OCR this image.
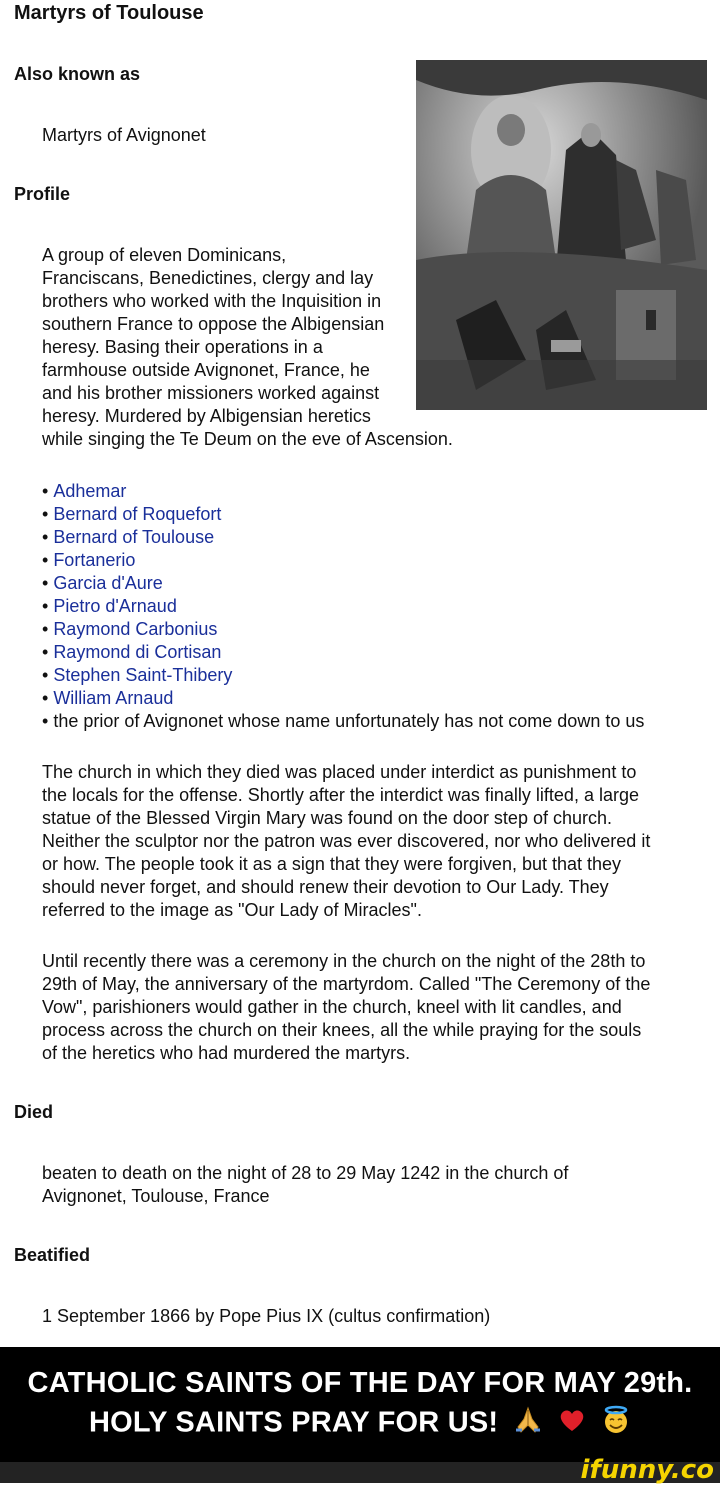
Martyrs of Toulouse
Also known as
Martyrs of Avignonet
Profile
A group of eleven Dominicans,
Franciscans, Benedictines, clergy and lay
brothers who worked with the Inquisition in
southern France to oppose the Albigensian
heresy. Basing their operations in a
farmhouse outside Avignonet, France, he
and his brother missioners worked against
heresy. Murdered by Albigensian heretics
while singing the Te Deum on the eve of Ascension.
• Adhemar
• Bernard of Roquefort
• Bernard of Toulouse
• Fortanerio
• Garcia d'Aure
• Pietro d'Arnaud
• Raymond Carbonius
• Raymond di Cortisan
• Stephen Saint-Thibery
• William Arnaud
• the prior of Avignonet whose name unfortunately has not come down to us
The church in which they died was placed under interdict as punishment to
the locals for the offense. Shortly after the interdict was finally lifted, a large
statue of the Blessed Virgin Mary was found on the door step of church.
Neither the sculptor nor the patron was ever discovered, nor who delivered it
or how. The people took it as a sign that they were forgiven, but that they
should never forget, and should renew their devotion to Our Lady. They
referred to the image as "Our Lady of Miracles".
Until recently there was a ceremony in the church on the night of the 28th to
29th of May, the anniversary of the martyrdom. Called "The Ceremony of the
Vow", parishioners would gather in the church, kneel with lit candles, and
process across the church on their knees, all the while praying for the souls
of the heretics who had murdered the martyrs.
Died
beaten to death on the night of 28 to 29 May 1242 in the church of
Avignonet, Toulouse, France
Beatified
1 September 1866 by Pope Pius IX (cultus confirmation)
CATHOLIC SAINTS OF THE DAY FOR MAY 29th.
HOLY SAINTS PRAY FOR US!
ifunny.co
